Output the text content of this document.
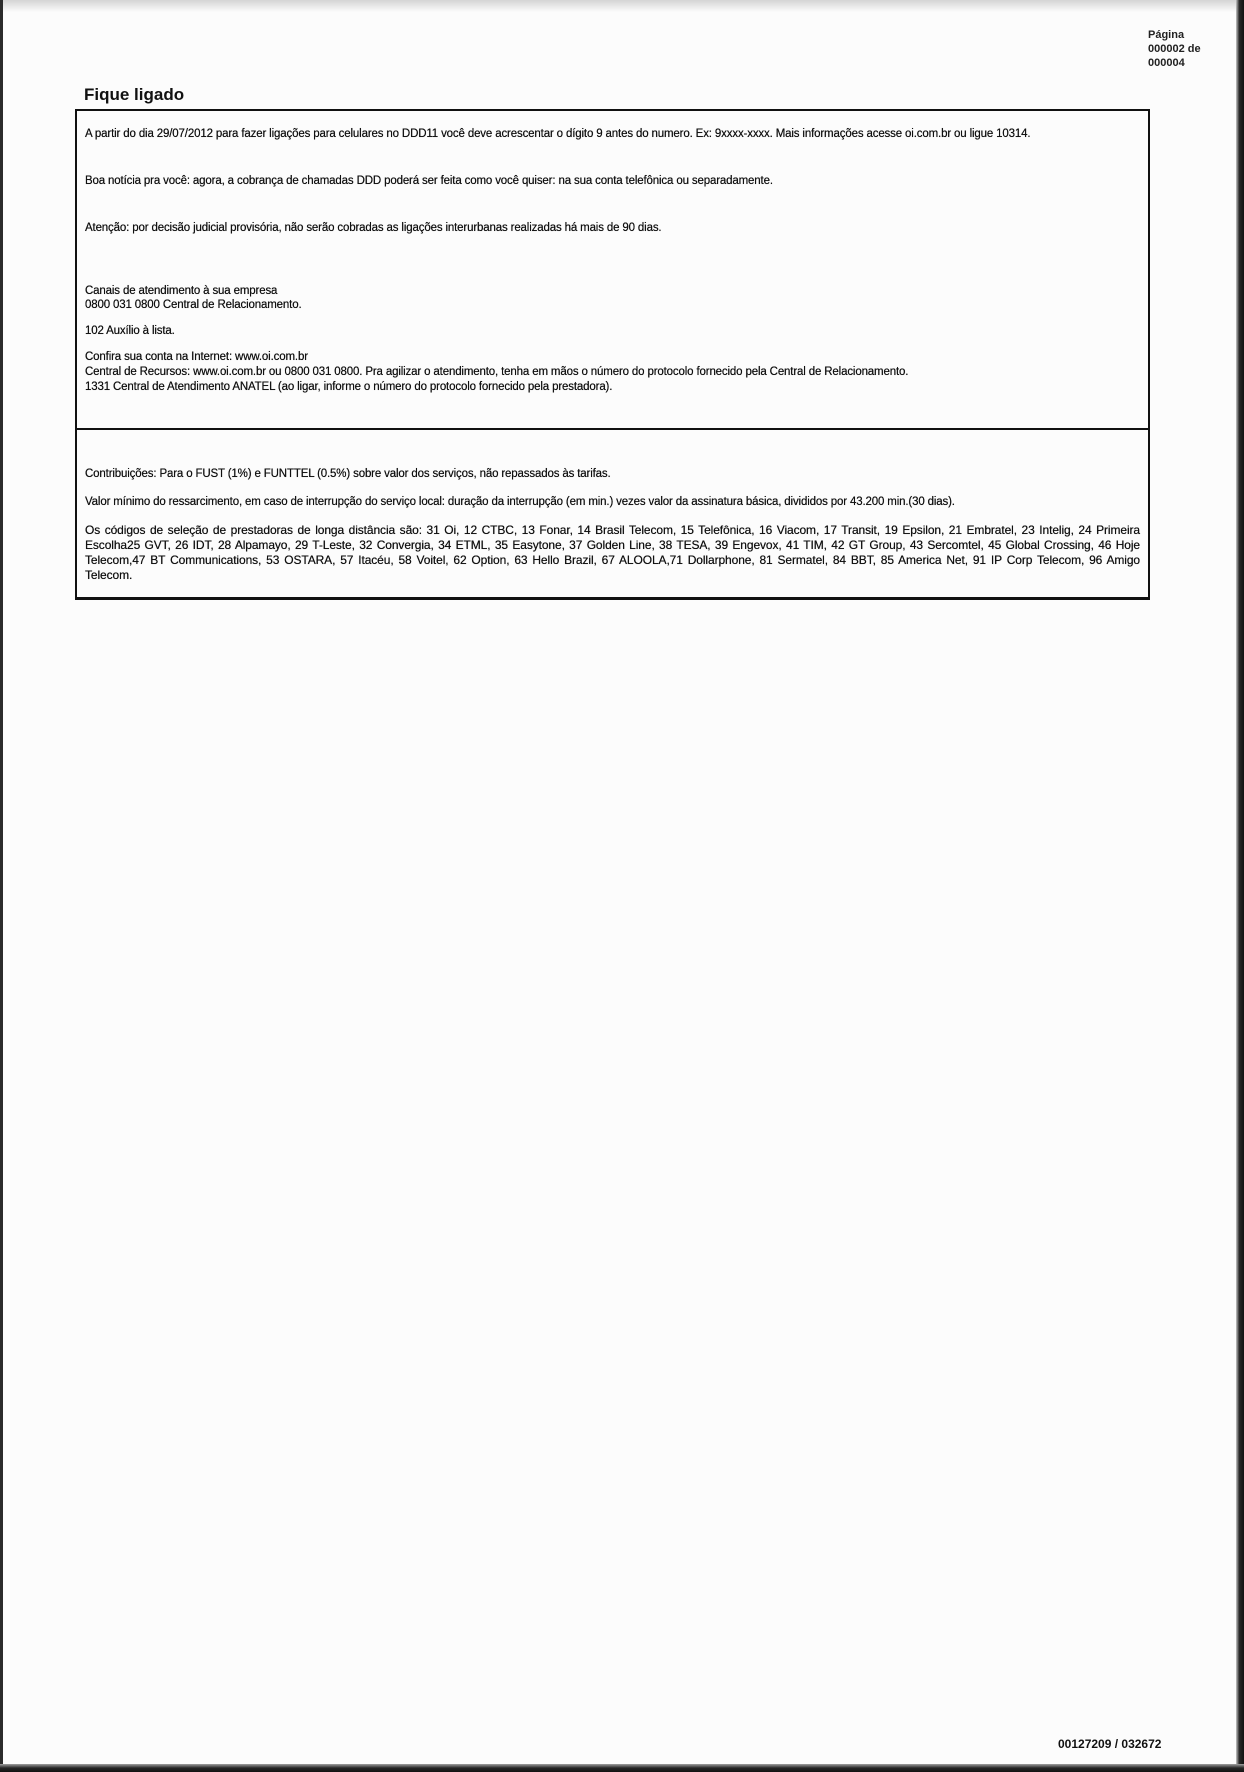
Página
000002 de
000004
Fique ligado

A partir do dia 29/07/2012 para fazer ligações para celulares no DDD11 você deve acrescentar o dígito 9 antes do numero. Ex: 9xxxx-xxxx. Mais informações acesse oi.com.br ou ligue 10314.

Boa notícia pra você: agora, a cobrança de chamadas DDD poderá ser feita como você quiser: na sua conta telefônica ou separadamente.

Atenção: por decisão judicial provisória, não serão cobradas as ligações interurbanas realizadas há mais de 90 dias.

Canais de atendimento à sua empresa

0800 031 0800 Central de Relacionamento.

102 Auxílio à lista.

Confira sua conta na Internet: www.oi.com.br

Central de Recursos: www.oi.com.br ou 0800 031 0800. Pra agilizar o atendimento, tenha em mãos o número do protocolo fornecido pela Central de Relacionamento.

1331 Central de Atendimento ANATEL (ao ligar, informe o número do protocolo fornecido pela prestadora).

Contribuições: Para o FUST (1%) e FUNTTEL (0.5%) sobre valor dos serviços, não repassados às tarifas.

Valor mínimo do ressarcimento, em caso de interrupção do serviço local: duração da interrupção (em min.) vezes valor da assinatura básica, divididos por 43.200 min.(30 dias).

Os códigos de seleção de prestadoras de longa distância são: 31 Oi, 12 CTBC, 13 Fonar, 14 Brasil Telecom, 15 Telefônica, 16 Viacom, 17 Transit, 19 Epsilon, 21 Embratel, 23 Intelig, 24 Primeira Escolha25 GVT, 26 IDT, 28 Alpamayo, 29 T-Leste, 32 Convergia, 34 ETML, 35 Easytone, 37 Golden Line, 38 TESA, 39 Engevox, 41 TIM, 42 GT Group, 43 Sercomtel, 45 Global Crossing, 46 Hoje Telecom,47 BT Communications, 53 OSTARA, 57 Itacéu, 58 Voitel, 62 Option, 63 Hello Brazil, 67 ALOOLA,71 Dollarphone, 81 Sermatel, 84 BBT, 85 America Net, 91 IP Corp Telecom, 96 Amigo Telecom.

00127209 / 032672
